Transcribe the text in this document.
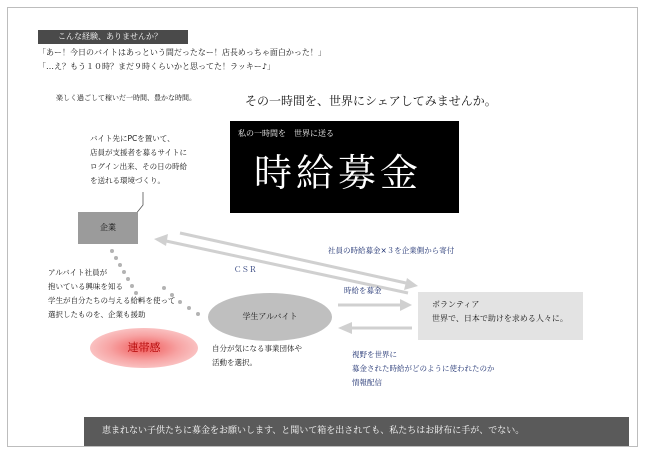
こんな経験、ありませんか？
「あー！今日のバイトはあっという間だったなー！店長めっちゃ面白かった！」
「…え？もう１０時？まだ９時くらいかと思ってた！ラッキー♪」
楽しく過ごして稼いだ一時間、豊かな時間。	その一時間を、世界にシェアしてみませんか。
私の一時間を　世界に送る
時給募金
バイト先にPCを置いて、
店員が支援者を募るサイトに
ログイン出来、その日の時給
を送れる環境づくり。
企業
ＣＳＲ
社員の時給募金×３を企業側から寄付
時給を募金
アルバイト社員が
抱いている興味を知る
学生が自分たちの与える給料を使って
選択したものを、企業も援助	学生アルバイト
連帯感	自分が気になる事業団体や
活動を選択。
ボランティア
世界で、日本で助けを求める人々に。
視野を世界に
募金された時給がどのように使われたのか
情報配信
恵まれない子供たちに募金をお願いします、と聞いて箱を出されても、私たちはお財布に手が、でない。
